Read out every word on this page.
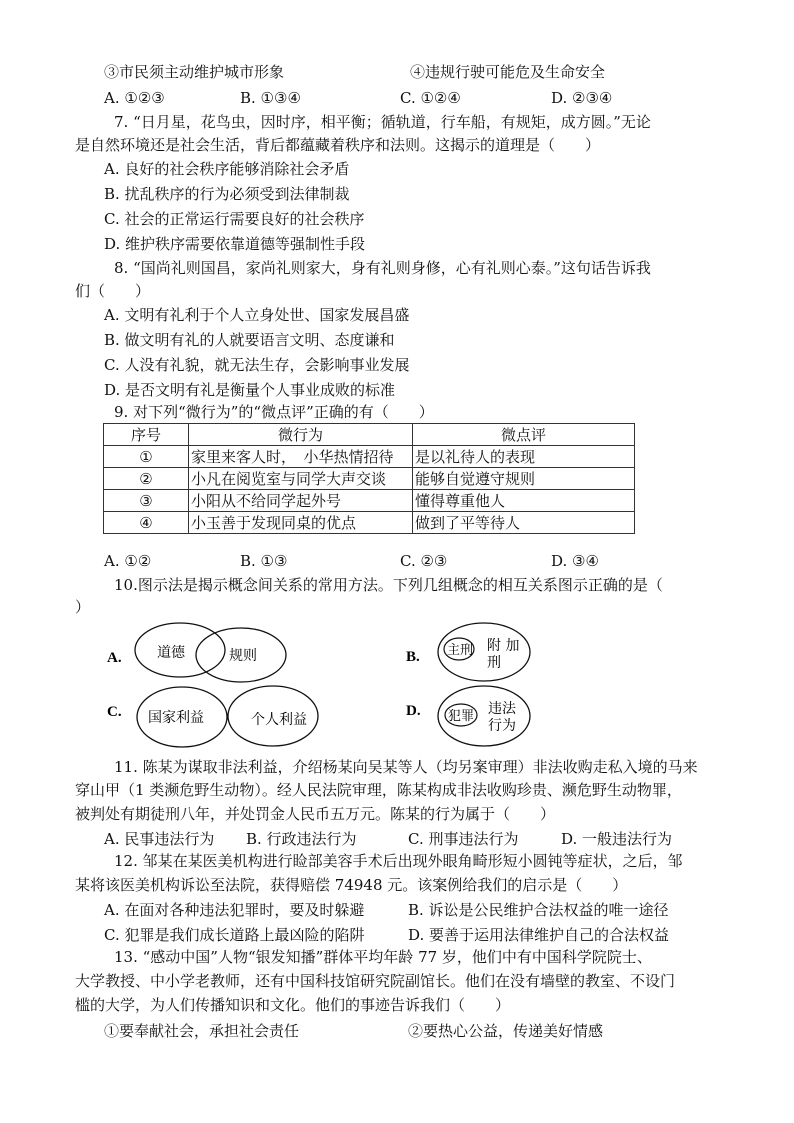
③市民须主动维护城市形象	④违规行驶可能危及生命安全
A. ①②③	B. ①③④	C. ①②④	D. ②③④
7. “日月星，花鸟虫，因时序，相平衡；循轨道，行车船，有规矩，成方圆。”无论
是自然环境还是社会生活，背后都蕴藏着秩序和法则。这揭示的道理是（　　）
A. 良好的社会秩序能够消除社会矛盾
B. 扰乱秩序的行为必须受到法律制裁
C. 社会的正常运行需要良好的社会秩序
D. 维护秩序需要依靠道德等强制性手段
8. “国尚礼则国昌，家尚礼则家大，身有礼则身修，心有礼则心泰。”这句话告诉我
们（　　）
A. 文明有礼利于个人立身处世、国家发展昌盛
B. 做文明有礼的人就要语言文明、态度谦和
C. 人没有礼貌，就无法生存，会影响事业发展
D. 是否文明有礼是衡量个人事业成败的标准
9. 对下列“微行为”的“微点评”正确的有（　　）
序号	微行为	微点评
①	家里来客人时，　小华热情招待	是以礼待人的表现
②	小凡在阅览室与同学大声交谈	能够自觉遵守规则
③	小阳从不给同学起外号	懂得尊重他人
④	小玉善于发现同桌的优点	做到了平等待人
A. ①②	B. ①③	C. ②③	D. ③④
10.图示法是揭示概念间关系的常用方法。下列几组概念的相互关系图示正确的是（
）
A.	道德	规则	B. 主刑 附 加
刑
C. 国家利益	个人利益
D. 犯罪 违法
行为
11. 陈某为谋取非法利益，介绍杨某向吴某等人（均另案审理）非法收购走私入境的马来
穿山甲（1 类濒危野生动物）。经人民法院审理，陈某构成非法收购珍贵、濒危野生动物罪，
被判处有期徒刑八年，并处罚金人民币五万元。陈某的行为属于（　　）
A. 民事违法行为 B. 行政违法行为	C. 刑事违法行为	D. 一般违法行为
12. 邹某在某医美机构进行睑部美容手术后出现外眼角畸形短小圆钝等症状，之后，邹
某将该医美机构诉讼至法院，获得赔偿 74948 元。该案例给我们的启示是（　　）
A. 在面对各种违法犯罪时，要及时躲避	B. 诉讼是公民维护合法权益的唯一途径
C. 犯罪是我们成长道路上最凶险的陷阱	D. 要善于运用法律维护自己的合法权益
13. “感动中国”人物“银发知播”群体平均年龄 77 岁，他们中有中国科学院院士、
大学教授、中小学老教师，还有中国科技馆研究院副馆长。他们在没有墙壁的教室、不设门
槛的大学，为人们传播知识和文化。他们的事迹告诉我们（　　）
①要奉献社会，承担社会责任	②要热心公益，传递美好情感
